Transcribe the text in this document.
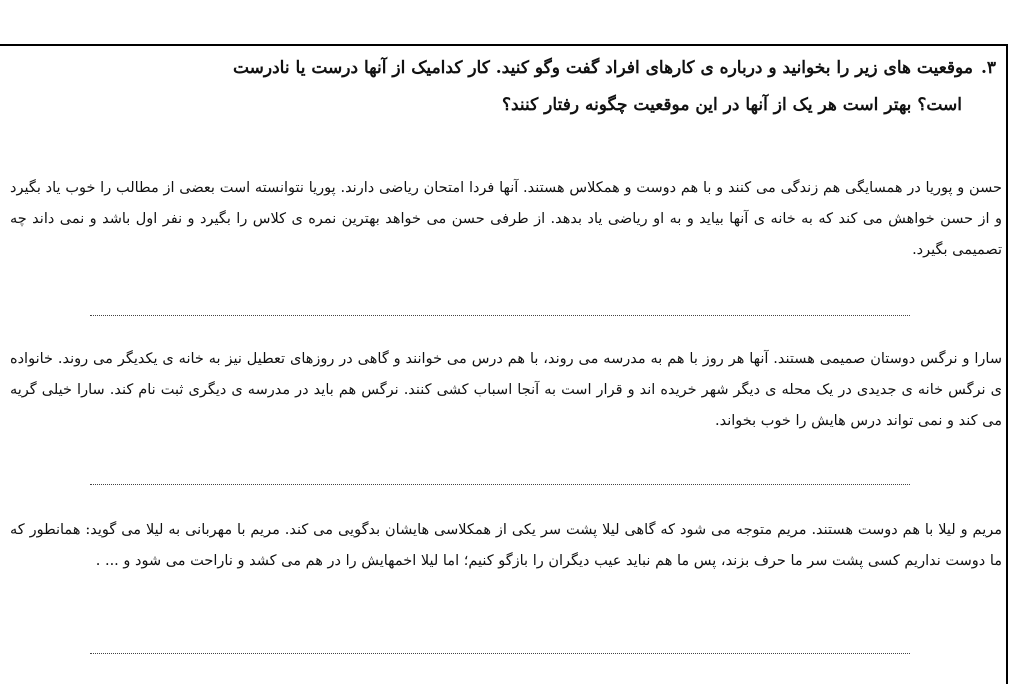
۳.موقعیت های زیر را بخوانید و درباره ی کارهای افراد گفت وگو کنید. کار کدامیک از آنها درست یا نادرست
است؟ بهتر است هر یک از آنها در این موقعیت چگونه رفتار کنند؟
حسن و پوریا در همسایگی هم زندگی می کنند و با هم دوست و همکلاس هستند. آنها فردا امتحان ریاضی دارند. پوریا نتوانسته است بعضی از مطالب را خوب یاد بگیرد و از حسن خواهش می کند که به خانه ی آنها بیاید و به او ریاضی یاد بدهد. از طرفی حسن می خواهد بهترین نمره ی کلاس را بگیرد و نفر اول باشد و نمی داند چه تصمیمی بگیرد.
سارا و نرگس دوستان صمیمی هستند. آنها هر روز با هم به مدرسه می روند، با هم درس می خوانند و گاهی در روزهای تعطیل نیز به خانه ی یکدیگر می روند. خانواده ی نرگس خانه ی جدیدی در یک محله ی دیگر شهر خریده اند و قرار است به آنجا اسباب کشی کنند. نرگس هم باید در مدرسه ی دیگری ثبت نام کند. سارا خیلی گریه می کند و نمی تواند درس هایش را خوب بخواند.
مریم و لیلا با هم دوست هستند. مریم متوجه می شود که گاهی لیلا پشت سر یکی از همکلاسی هایشان بدگویی می کند. مریم با مهربانی به لیلا می گوید: همانطور که ما دوست نداریم کسی پشت سر ما حرف بزند، پس ما هم نباید عیب دیگران را بازگو کنیم؛ اما لیلا اخمهایش را در هم می کشد و ناراحت می شود و ... .
